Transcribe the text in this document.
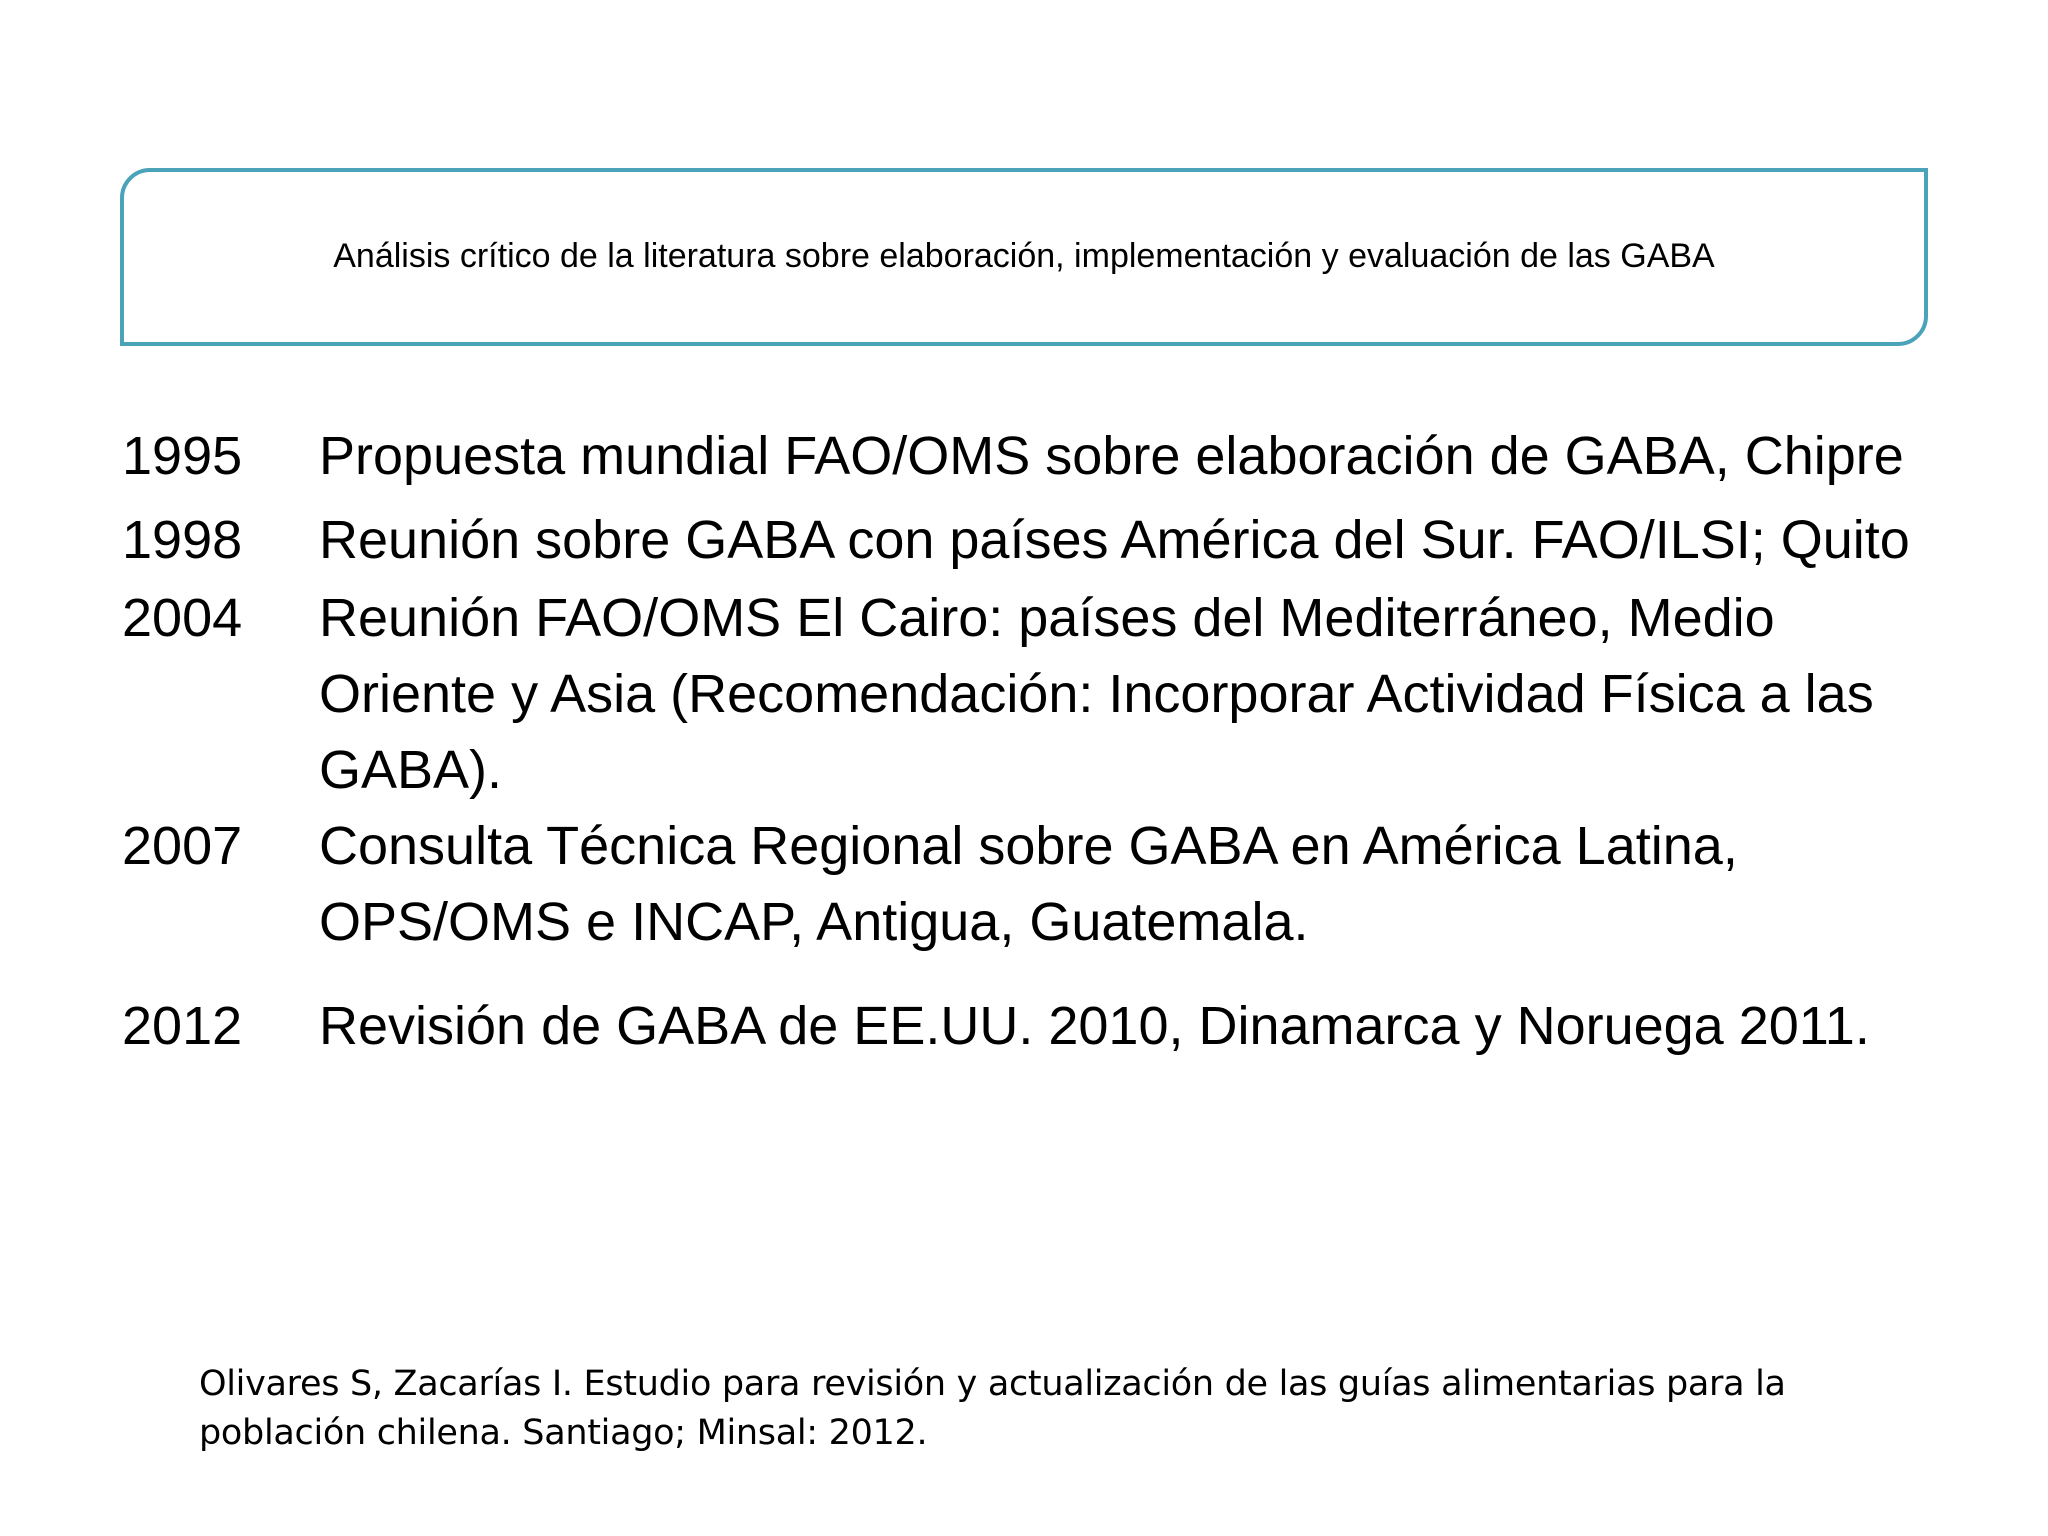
Análisis crítico de la literatura sobre elaboración, implementación y evaluación de las GABA
1995	Propuesta mundial FAO/OMS sobre elaboración de GABA, Chipre
1998	Reunión sobre GABA con países América del Sur. FAO/ILSI; Quito
2004	Reunión FAO/OMS El Cairo: países del Mediterráneo, Medio Oriente y Asia (Recomendación: Incorporar Actividad Física a las GABA).
2007	Consulta Técnica Regional sobre GABA en América Latina, OPS/OMS e INCAP, Antigua, Guatemala.
2012	Revisión de GABA de EE.UU. 2010, Dinamarca y Noruega 2011.
Olivares S, Zacarías I. Estudio para revisión y actualización de las guías alimentarias para la población chilena. Santiago; Minsal: 2012.
